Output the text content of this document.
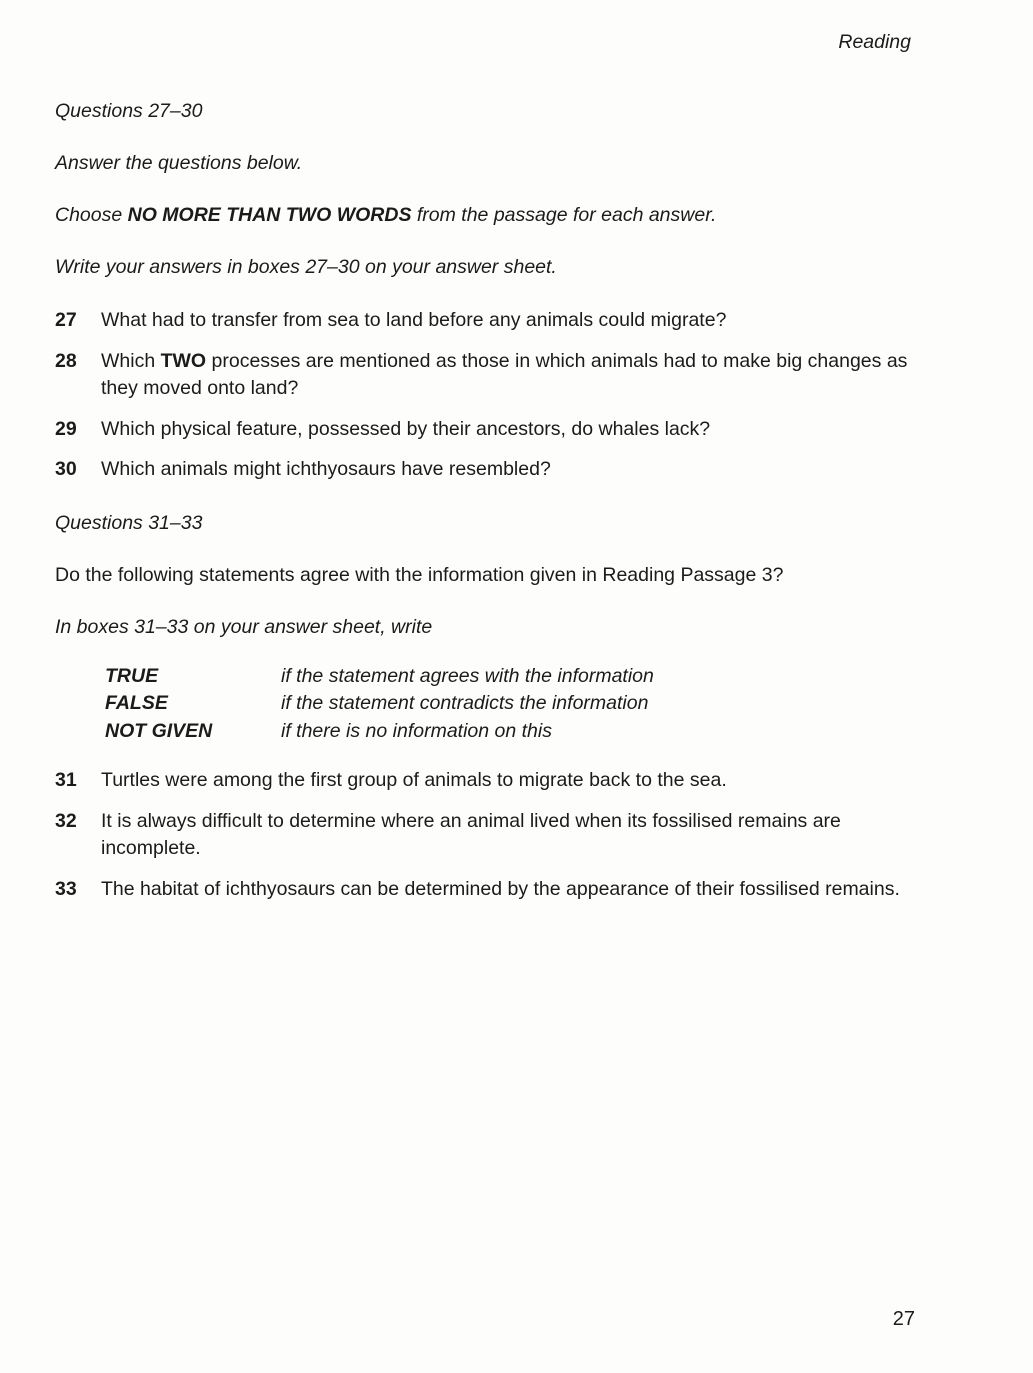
Reading
Questions 27–30

Answer the questions below.

Choose NO MORE THAN TWO WORDS from the passage for each answer.

Write your answers in boxes 27–30 on your answer sheet.

27	What had to transfer from sea to land before any animals could migrate?
28	Which TWO processes are mentioned as those in which animals had to make big changes as they moved onto land?
29	Which physical feature, possessed by their ancestors, do whales lack?
30	Which animals might ichthyosaurs have resembled?
Questions 31–33

Do the following statements agree with the information given in Reading Passage 3?

In boxes 31–33 on your answer sheet, write

TRUE	if the statement agrees with the information
FALSE	if the statement contradicts the information
NOT GIVEN	if there is no information on this
31	Turtles were among the first group of animals to migrate back to the sea.
32	It is always difficult to determine where an animal lived when its fossilised remains are incomplete.
33	The habitat of ichthyosaurs can be determined by the appearance of their fossilised remains.
27
